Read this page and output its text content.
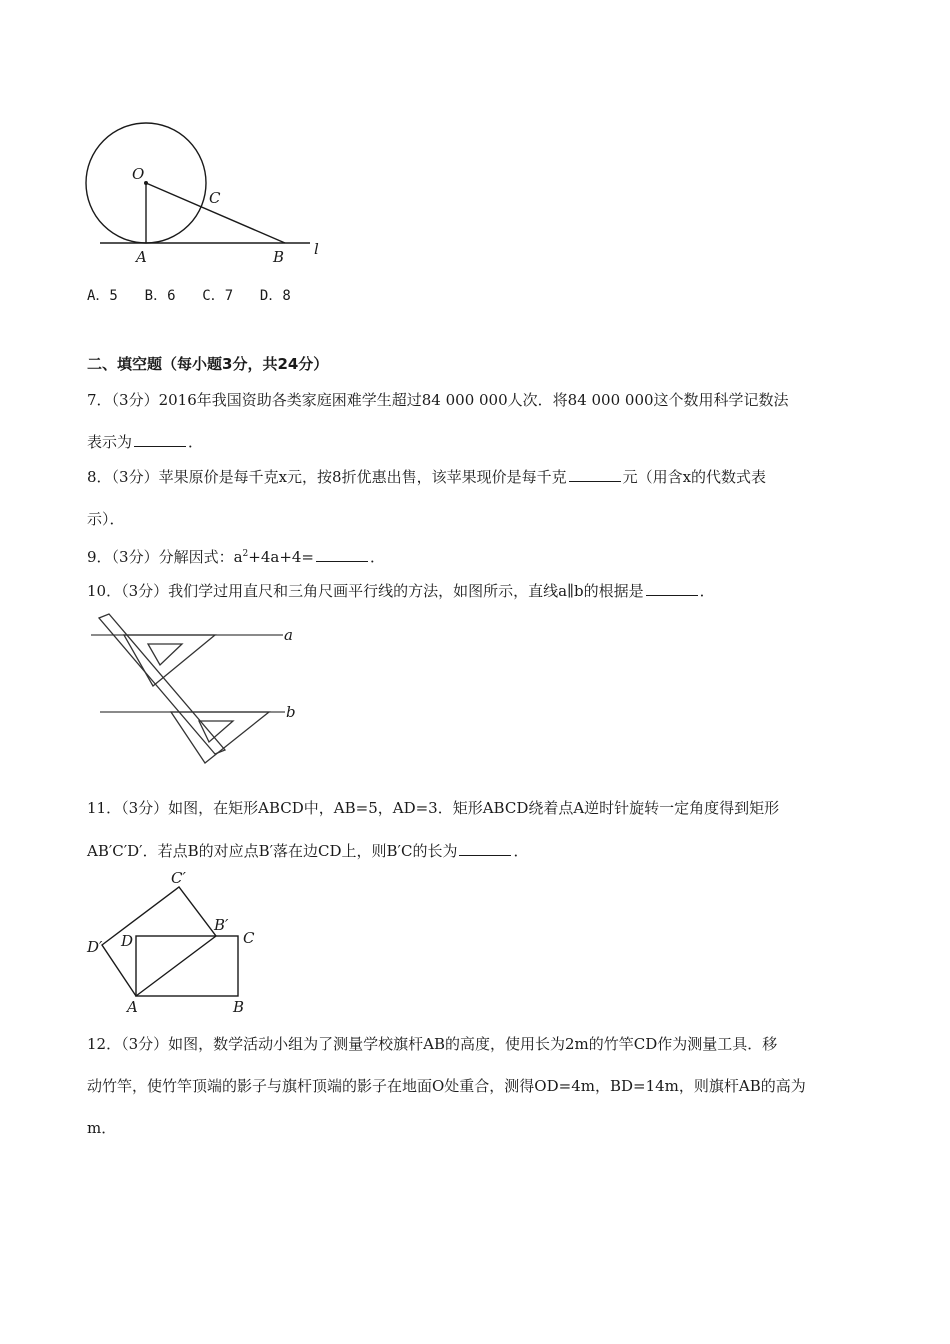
O
C
A	B l
A．5 B．6 C．7 D．8
二、填空题（每小题3分，共24分）
7．（3分）2016年我国资助各类家庭困难学生超过84 000 000人次．将84 000 000这个数用科学记数法
表示为	．
8．（3分）苹果原价是每千克x元，按8折优惠出售，该苹果现价是每千克	元（用含x的代数式表
示）．
9．（3分）分解因式：$a^2+4a+4=$	．
10．（3分）我们学过用直尺和三角尺画平行线的方法，如图所示，直线a∥b的根据是	．
a
b
11．（3分）如图，在矩形ABCD中，AB=5，AD=3．矩形ABCD绕着点A逆时针旋转一定角度得到矩形
AB′C′D′．若点B的对应点B′落在边CD上，则B′C的长为	．
C′
B′
C
D′ D
A	B
12．（3分）如图，数学活动小组为了测量学校旗杆AB的高度，使用长为2m的竹竿CD作为测量工具．移
动竹竿，使竹竿顶端的影子与旗杆顶端的影子在地面O处重合，测得OD=4m，BD=14m，则旗杆AB的高为
m．
